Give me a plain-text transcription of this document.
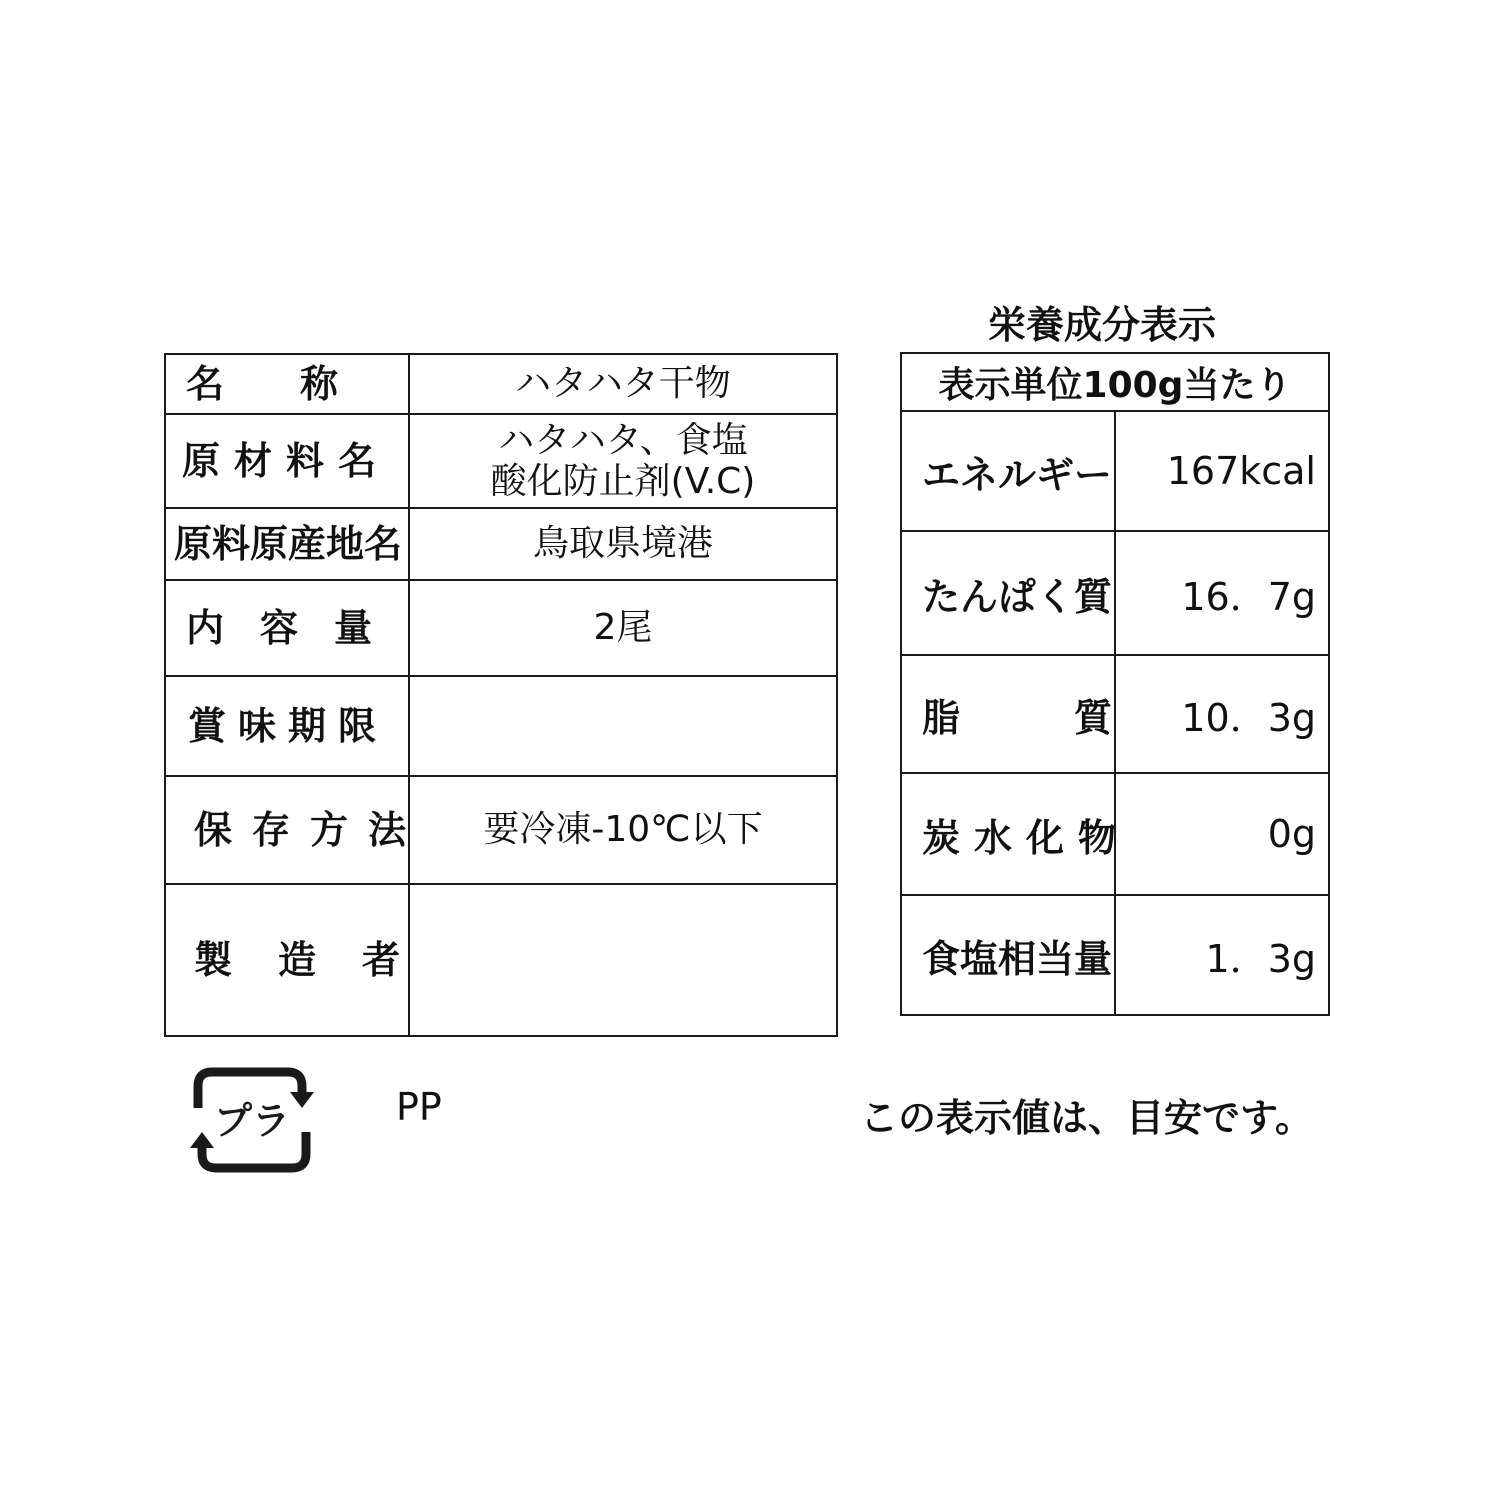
名　　称	ハタハタ干物

原材料名	ハタハタ、食塩
酸化防止剤(V.C)

原料原産地名	鳥取県境港

内容量	2尾

賞味期限	

保存方法	要冷凍-10℃以下

製造者	

栄養成分表示
表示単位100g当たり	

エネルギー	167kcal

たんぱく質	16．7g

脂　　　質	10．3g

炭水化物	0g

食塩相当量	1．3g
プラ	PP	この表示値は、目安です。
